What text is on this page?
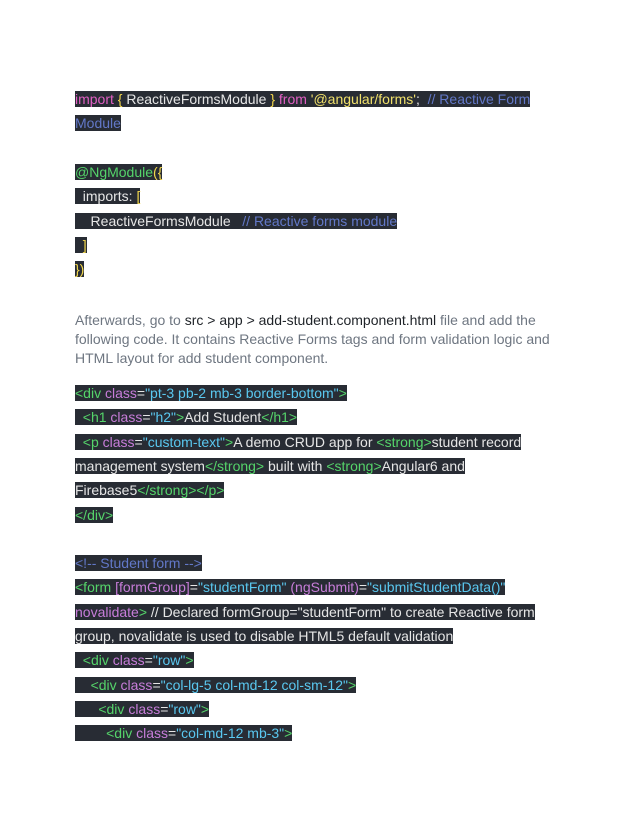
import { ReactiveFormsModule } from '@angular/forms';  // Reactive Form
Module
@NgModule({
imports: [
ReactiveFormsModule   // Reactive forms module
]
})
Afterwards, go to src > app > add-student.component.html file and add the following code. It contains Reactive Forms tags and form validation logic and HTML layout for add student component.
<div class="pt-3 pb-2 mb-3 border-bottom">
<h1 class="h2">Add Student</h1>
<p class="custom-text">A demo CRUD app for <strong>student record
management system</strong> built with <strong>Angular6 and
Firebase5</strong></p>
</div>
<!-- Student form -->
<form [formGroup]="studentForm" (ngSubmit)="submitStudentData()"
novalidate> // Declared formGroup="studentForm" to create Reactive form
group, novalidate is used to disable HTML5 default validation
<div class="row">
<div class="col-lg-5 col-md-12 col-sm-12">
<div class="row">
<div class="col-md-12 mb-3">
